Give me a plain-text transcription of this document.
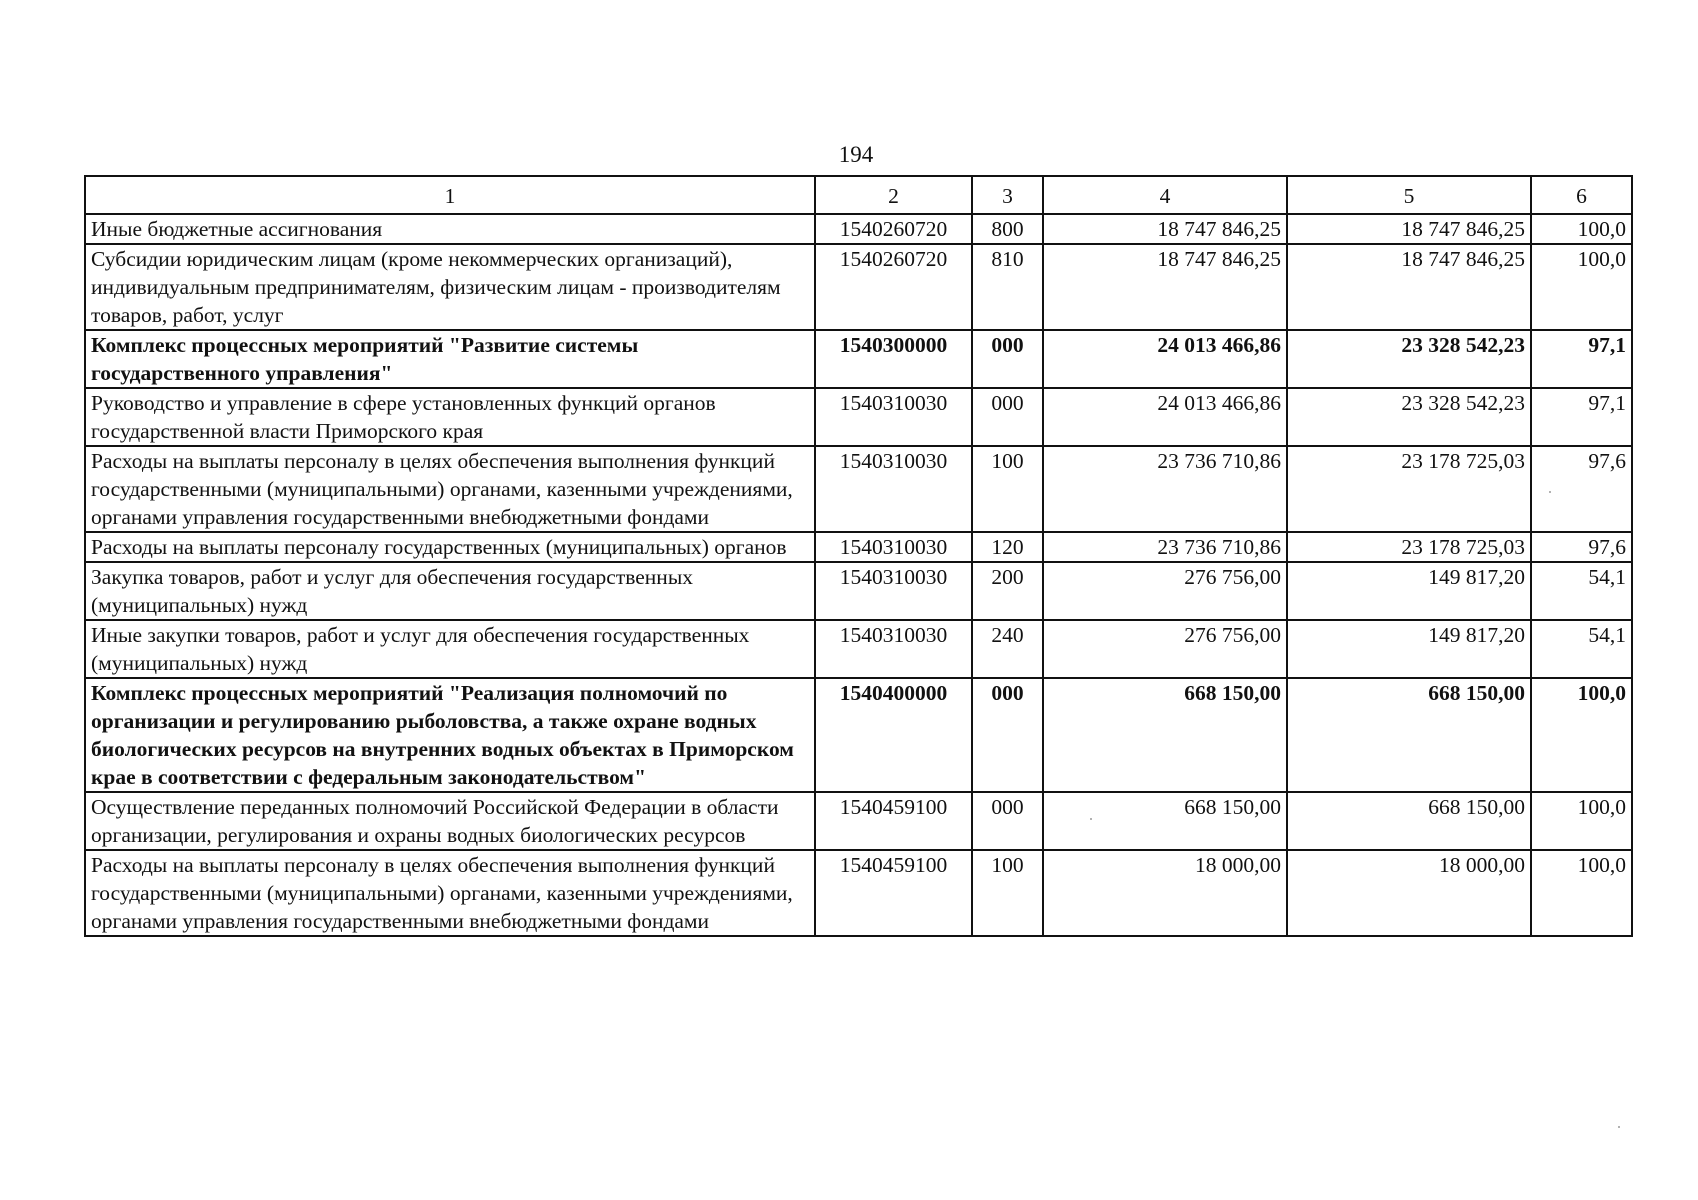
194
1	2	3	4	5	6
Иные бюджетные ассигнования	1540260720	800	18 747 846,25	18 747 846,25	100,0
Субсидии юридическим лицам (кроме некоммерческих организаций), индивидуальным предпринимателям, физическим лицам - производителям товаров, работ, услуг	1540260720	810	18 747 846,25	18 747 846,25	100,0
Комплекс процессных мероприятий "Развитие системы государственного управления"	1540300000	000	24 013 466,86	23 328 542,23	97,1
Руководство и управление в сфере установленных функций органов государственной власти Приморского края	1540310030	000	24 013 466,86	23 328 542,23	97,1
Расходы на выплаты персоналу в целях обеспечения выполнения функций государственными (муниципальными) органами, казенными учреждениями, органами управления государственными внебюджетными фондами	1540310030	100	23 736 710,86	23 178 725,03	97,6
Расходы на выплаты персоналу государственных (муниципальных) органов	1540310030	120	23 736 710,86	23 178 725,03	97,6
Закупка товаров, работ и услуг для обеспечения государственных (муниципальных) нужд	1540310030	200	276 756,00	149 817,20	54,1
Иные закупки товаров, работ и услуг для обеспечения государственных (муниципальных) нужд	1540310030	240	276 756,00	149 817,20	54,1
Комплекс процессных мероприятий "Реализация полномочий по организации и регулированию рыболовства, а также охране водных биологических ресурсов на внутренних водных объектах в Приморском крае в соответствии с федеральным законодательством"	1540400000	000	668 150,00	668 150,00	100,0
Осуществление переданных полномочий Российской Федерации в области организации, регулирования и охраны водных биологических ресурсов	1540459100	000	668 150,00	668 150,00	100,0
Расходы на выплаты персоналу в целях обеспечения выполнения функций государственными (муниципальными) органами, казенными учреждениями, органами управления государственными внебюджетными фондами	1540459100	100	18 000,00	18 000,00	100,0
